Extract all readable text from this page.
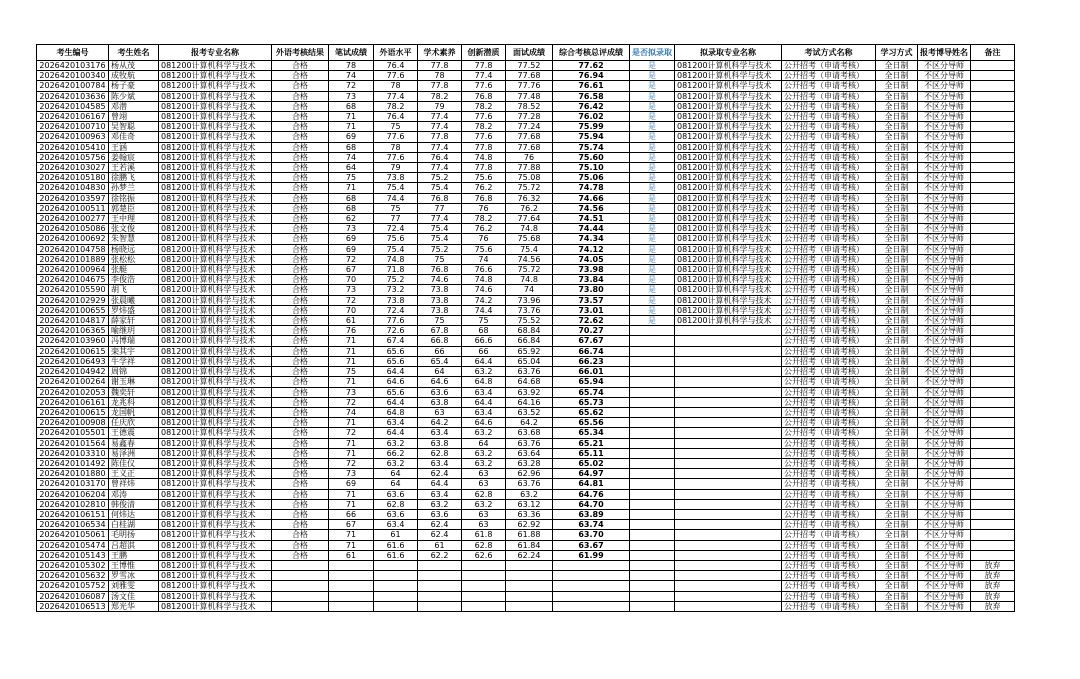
考生编号	考生姓名	报考专业名称	外语考核结果	笔试成绩	外语水平	学术素养	创新潜质	面试成绩	综合考核总评成绩	是否拟录取	拟录取专业名称	考试方式名称	学习方式	报考博导姓名	备注
2026420103176	杨从茂	081200计算机科学与技术	合格	78	76.4	77.8	77.8	77.52	77.62	是	081200计算机科学与技术	公开招考（申请考核）	全日制	不区分导师	
2026420100340	成牧航	081200计算机科学与技术	合格	74	77.6	78	77.4	77.68	76.94	是	081200计算机科学与技术	公开招考（申请考核）	全日制	不区分导师	
2026420100784	杨子豪	081200计算机科学与技术	合格	72	78	77.8	77.6	77.76	76.61	是	081200计算机科学与技术	公开招考（申请考核）	全日制	不区分导师	
2026420103636	陈少斌	081200计算机科学与技术	合格	73	77.4	78.2	76.8	77.48	76.58	是	081200计算机科学与技术	公开招考（申请考核）	全日制	不区分导师	
2026420104585	邓潜	081200计算机科学与技术	合格	68	78.2	79	78.2	78.52	76.42	是	081200计算机科学与技术	公开招考（申请考核）	全日制	不区分导师	
2026420106167	曾翊	081200计算机科学与技术	合格	71	76.4	77.4	77.6	77.28	76.02	是	081200计算机科学与技术	公开招考（申请考核）	全日制	不区分导师	
2026420100710	吴智聪	081200计算机科学与技术	合格	71	75	77.4	78.2	77.24	75.99	是	081200计算机科学与技术	公开招考（申请考核）	全日制	不区分导师	
2026420100963	邓佳奇	081200计算机科学与技术	合格	69	77.6	77.8	77.6	77.68	75.94	是	081200计算机科学与技术	公开招考（申请考核）	全日制	不区分导师	
2026420105410	王涵	081200计算机科学与技术	合格	68	78	77.4	77.8	77.68	75.74	是	081200计算机科学与技术	公开招考（申请考核）	全日制	不区分导师	
2026420105756	姜翰宸	081200计算机科学与技术	合格	74	77.6	76.4	74.8	76	75.60	是	081200计算机科学与技术	公开招考（申请考核）	全日制	不区分导师	
2026420103027	王若溪	081200计算机科学与技术	合格	64	79	77.4	77.8	77.88	75.10	是	081200计算机科学与技术	公开招考（申请考核）	全日制	不区分导师	
2026420105180	徐鹏飞	081200计算机科学与技术	合格	75	73.8	75.2	75.6	75.08	75.06	是	081200计算机科学与技术	公开招考（申请考核）	全日制	不区分导师	
2026420104830	孙梦兰	081200计算机科学与技术	合格	71	75.4	75.4	76.2	75.72	74.78	是	081200计算机科学与技术	公开招考（申请考核）	全日制	不区分导师	
2026420103597	徐铭振	081200计算机科学与技术	合格	68	74.4	76.8	76.8	76.32	74.66	是	081200计算机科学与技术	公开招考（申请考核）	全日制	不区分导师	
2026420100511	郭楚臣	081200计算机科学与技术	合格	68	75	77	76	76.2	74.56	是	081200计算机科学与技术	公开招考（申请考核）	全日制	不区分导师	
2026420100277	王中理	081200计算机科学与技术	合格	62	77	77.4	78.2	77.64	74.51	是	081200计算机科学与技术	公开招考（申请考核）	全日制	不区分导师	
2026420105086	张文俊	081200计算机科学与技术	合格	73	72.4	75.4	76.2	74.8	74.44	是	081200计算机科学与技术	公开招考（申请考核）	全日制	不区分导师	
2026420100692	朱智慧	081200计算机科学与技术	合格	69	75.6	75.4	76	75.68	74.34	是	081200计算机科学与技术	公开招考（申请考核）	全日制	不区分导师	
2026420104758	杨晓远	081200计算机科学与技术	合格	69	75.4	75.2	75.6	75.4	74.12	是	081200计算机科学与技术	公开招考（申请考核）	全日制	不区分导师	
2026420101889	张松松	081200计算机科学与技术	合格	72	74.8	75	74	74.56	74.05	是	081200计算机科学与技术	公开招考（申请考核）	全日制	不区分导师	
2026420100964	张艇	081200计算机科学与技术	合格	67	71.8	76.8	76.6	75.72	73.98	是	081200计算机科学与技术	公开招考（申请考核）	全日制	不区分导师	
2026420104675	李俊浩	081200计算机科学与技术	合格	70	75.2	74.6	74.8	74.8	73.84	是	081200计算机科学与技术	公开招考（申请考核）	全日制	不区分导师	
2026420105590	胡飞	081200计算机科学与技术	合格	73	73.2	73.8	74.6	74	73.80	是	081200计算机科学与技术	公开招考（申请考核）	全日制	不区分导师	
2026420102929	张晨曦	081200计算机科学与技术	合格	72	73.8	73.8	74.2	73.96	73.57	是	081200计算机科学与技术	公开招考（申请考核）	全日制	不区分导师	
2026420100655	罗炜盛	081200计算机科学与技术	合格	70	72.4	73.8	74.4	73.76	73.01	是	081200计算机科学与技术	公开招考（申请考核）	全日制	不区分导师	
2026420104817	薛家轩	081200计算机科学与技术	合格	61	77.6	75	75	75.52	72.62	是	081200计算机科学与技术	公开招考（申请考核）	全日制	不区分导师	
2026420106365	喻继玥	081200计算机科学与技术	合格	76	72.6	67.8	68	68.84	70.27			公开招考（申请考核）	全日制	不区分导师	
2026420103960	冯博瑞	081200计算机科学与技术	合格	71	67.4	66.8	66.6	66.84	67.67			公开招考（申请考核）	全日制	不区分导师	
2026420100615	栾其宇	081200计算机科学与技术	合格	71	65.6	66	66	65.92	66.74			公开招考（申请考核）	全日制	不区分导师	
2026420106493	牛学祥	081200计算机科学与技术	合格	71	65.6	65.4	64.4	65.04	66.23			公开招考（申请考核）	全日制	不区分导师	
2026420104942	周锦	081200计算机科学与技术	合格	75	64.4	64	63.2	63.76	66.01			公开招考（申请考核）	全日制	不区分导师	
2026420100264	谢玉琳	081200计算机科学与技术	合格	71	64.6	64.6	64.8	64.68	65.94			公开招考（申请考核）	全日制	不区分导师	
2026420102053	魏奕轩	081200计算机科学与技术	合格	73	65.6	63.6	63.4	63.92	65.74			公开招考（申请考核）	全日制	不区分导师	
2026420106161	龙兆科	081200计算机科学与技术	合格	72	64.4	63.8	64.4	64.16	65.73			公开招考（申请考核）	全日制	不区分导师	
2026420100615	龙国帆	081200计算机科学与技术	合格	74	64.8	63	63.4	63.52	65.62			公开招考（申请考核）	全日制	不区分导师	
2026420100908	任庆欣	081200计算机科学与技术	合格	71	63.4	64.2	64.6	64.2	65.56			公开招考（申请考核）	全日制	不区分导师	
2026420105501	王德震	081200计算机科学与技术	合格	72	64.4	63.4	63.2	63.68	65.34			公开招考（申请考核）	全日制	不区分导师	
2026420101564	易鑫春	081200计算机科学与技术	合格	71	63.2	63.8	64	63.76	65.21			公开招考（申请考核）	全日制	不区分导师	
2026420103310	易泽洲	081200计算机科学与技术	合格	71	66.2	62.8	63.2	63.64	65.11			公开招考（申请考核）	全日制	不区分导师	
2026420101492	陈佳仪	081200计算机科学与技术	合格	72	63.2	63.4	63.2	63.28	65.02			公开招考（申请考核）	全日制	不区分导师	
2026420101880	王义正	081200计算机科学与技术	合格	73	64	62.4	63	62.96	64.97			公开招考（申请考核）	全日制	不区分导师	
2026420103170	曾祥炜	081200计算机科学与技术	合格	69	64	64.4	63	63.76	64.81			公开招考（申请考核）	全日制	不区分导师	
2026420106204	邓涛	081200计算机科学与技术	合格	71	63.6	63.4	62.8	63.2	64.76			公开招考（申请考核）	全日制	不区分导师	
2026420102810	韩俊清	081200计算机科学与技术	合格	71	62.8	63.2	63.2	63.12	64.70			公开招考（申请考核）	全日制	不区分导师	
2026420106151	何炜达	081200计算机科学与技术	合格	66	63.6	63.6	63	63.36	63.89			公开招考（申请考核）	全日制	不区分导师	
2026420106534	白桂湖	081200计算机科学与技术	合格	67	63.4	62.4	63	62.92	63.74			公开招考（申请考核）	全日制	不区分导师	
2026420105061	毛明扬	081200计算机科学与技术	合格	71	61	62.4	61.8	61.88	63.70			公开招考（申请考核）	全日制	不区分导师	
2026420105474	吕超淇	081200计算机科学与技术	合格	71	61.6	61	62.8	61.84	63.67			公开招考（申请考核）	全日制	不区分导师	
2026420105143	王鹏	081200计算机科学与技术	合格	61	61.6	62.2	62.6	62.24	61.99			公开招考（申请考核）	全日制	不区分导师	
2026420105302	王博惟	081200计算机科学与技术										公开招考（申请考核）	全日制	不区分导师	放弃
2026420105632	罗雪冰	081200计算机科学与技术										公开招考（申请考核）	全日制	不区分导师	放弃
2026420105752	刘雅雯	081200计算机科学与技术										公开招考（申请考核）	全日制	不区分导师	放弃
2026420106087	汤文佳	081200计算机科学与技术										公开招考（申请考核）	全日制	不区分导师	放弃
2026420106513	郑光华	081200计算机科学与技术										公开招考（申请考核）	全日制	不区分导师	放弃
